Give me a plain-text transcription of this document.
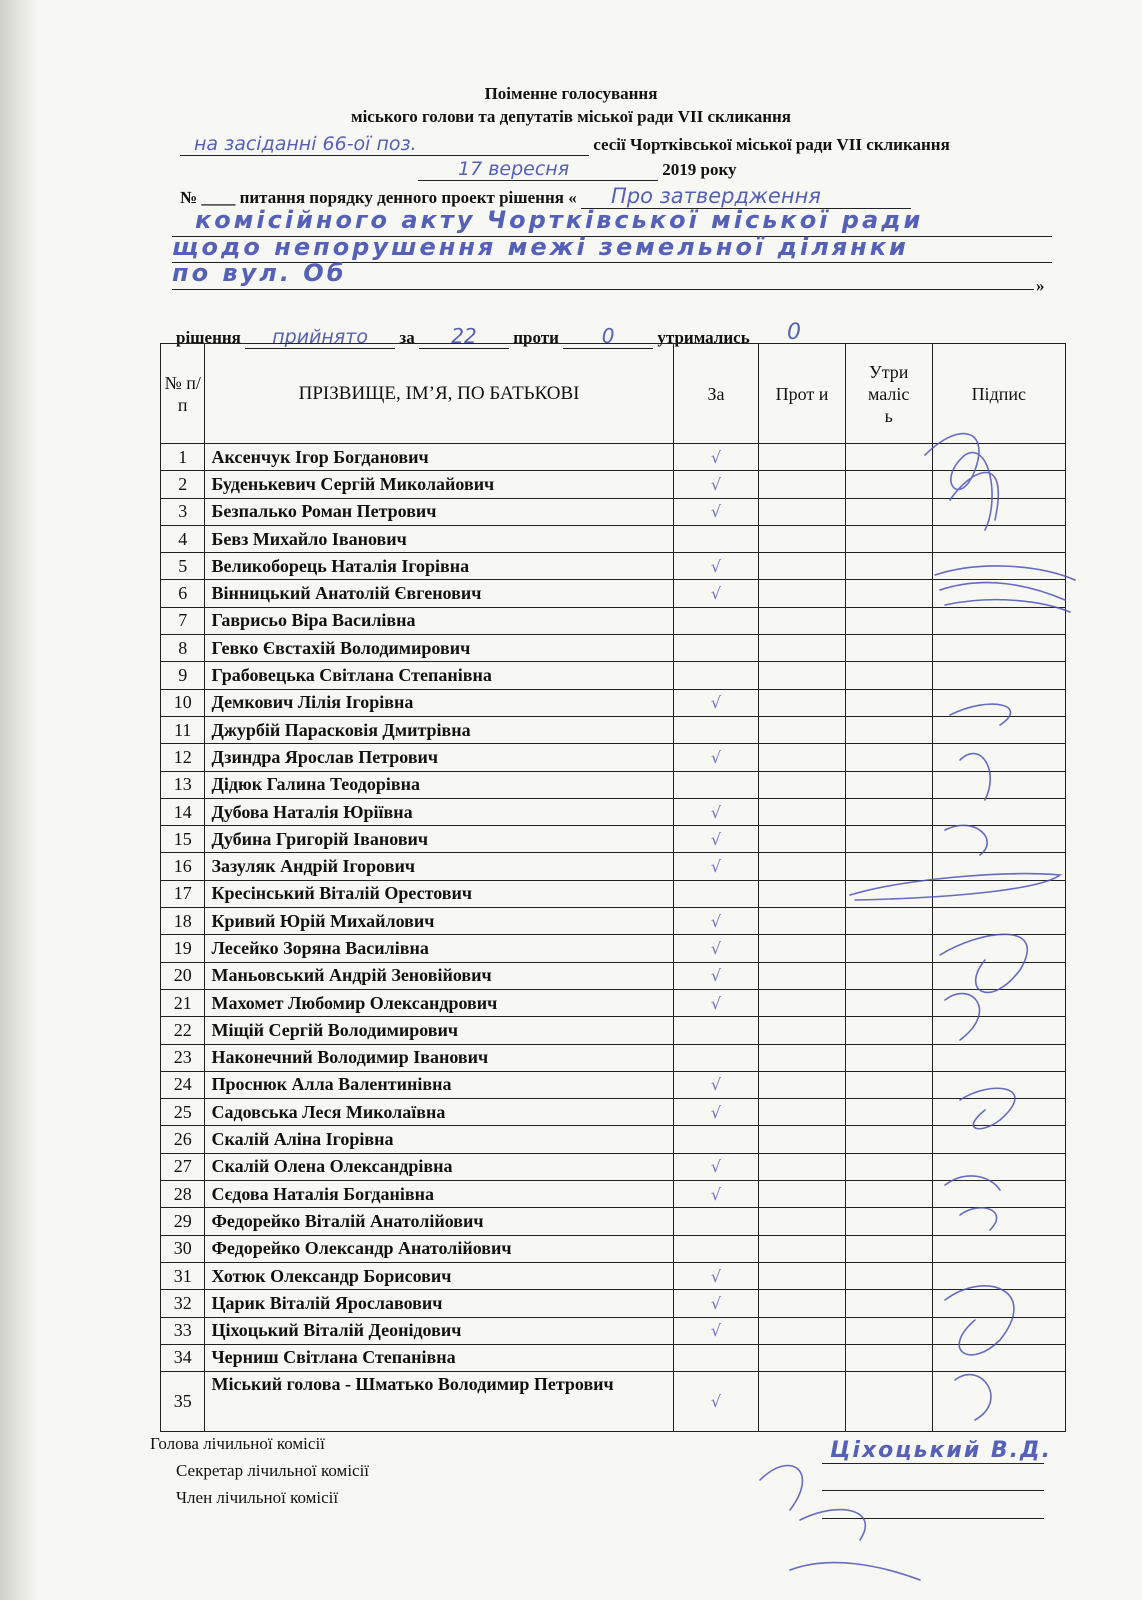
Поіменне голосування
міського голови та депутатів міської ради VII скликання
на засіданні 66-ої поз.	сесії Чортківської міської ради VII скликання
17 вересня	2019 року
№ ____ питання порядку денного проект рішення « Про затвердження
комісійного акту Чортківської міської ради
щодо непорушення межі земельної ділянки
по вул. Об	»
рішення прийнято за 22 проти 0	утримались 0
№ п/п	ПРІЗВИЩЕ, ІМ’Я, ПО БАТЬКОВІ	За	Прот и	Утри маліс ь	Підпис
1	Аксенчук Ігор Богданович	√			
2	Буденькевич Сергій Миколайович	√			
3	Безпалько Роман Петрович	√			
4	Бевз Михайло Іванович				
5	Великоборець Наталія Ігорівна	√			
6	Вінницький Анатолій Євгенович	√			
7	Гаврисьо Віра Василівна				
8	Гевко Євстахій Володимирович				
9	Грабовецька Світлана Степанівна				
10	Демкович Лілія Ігорівна	√			
11	Джурбій Парасковія Дмитрівна				
12	Дзиндра Ярослав Петрович	√			
13	Дідюк Галина Теодорівна				
14	Дубова Наталія Юріївна	√			
15	Дубина Григорій Іванович	√			
16	Зазуляк Андрій Ігорович	√			
17	Кресінський Віталій Орестович				
18	Кривий Юрій Михайлович	√			
19	Лесейко Зоряна Василівна	√			
20	Маньовський Андрій Зеновійович	√			
21	Махомет Любомир Олександрович	√			
22	Міщій Сергій Володимирович				
23	Наконечний Володимир Іванович				
24	Проснюк Алла Валентинівна	√			
25	Садовська Леся Миколаївна	√			
26	Скалій Аліна Ігорівна				
27	Скалій Олена Олександрівна	√			
28	Сєдова Наталія Богданівна	√			
29	Федорейко Віталій Анатолійович				
30	Федорейко Олександр Анатолійович				
31	Хотюк Олександр Борисович	√			
32	Царик Віталій Ярославович	√			
33	Ціхоцький Віталій Деонідович	√			
34	Черниш Світлана Степанівна				
35	Міський голова - Шматько Володимир Петрович	√			
Голова лічильної комісії
Секретар лічильної комісії
Член лічильної комісії
Ціхоцький В.Д.
